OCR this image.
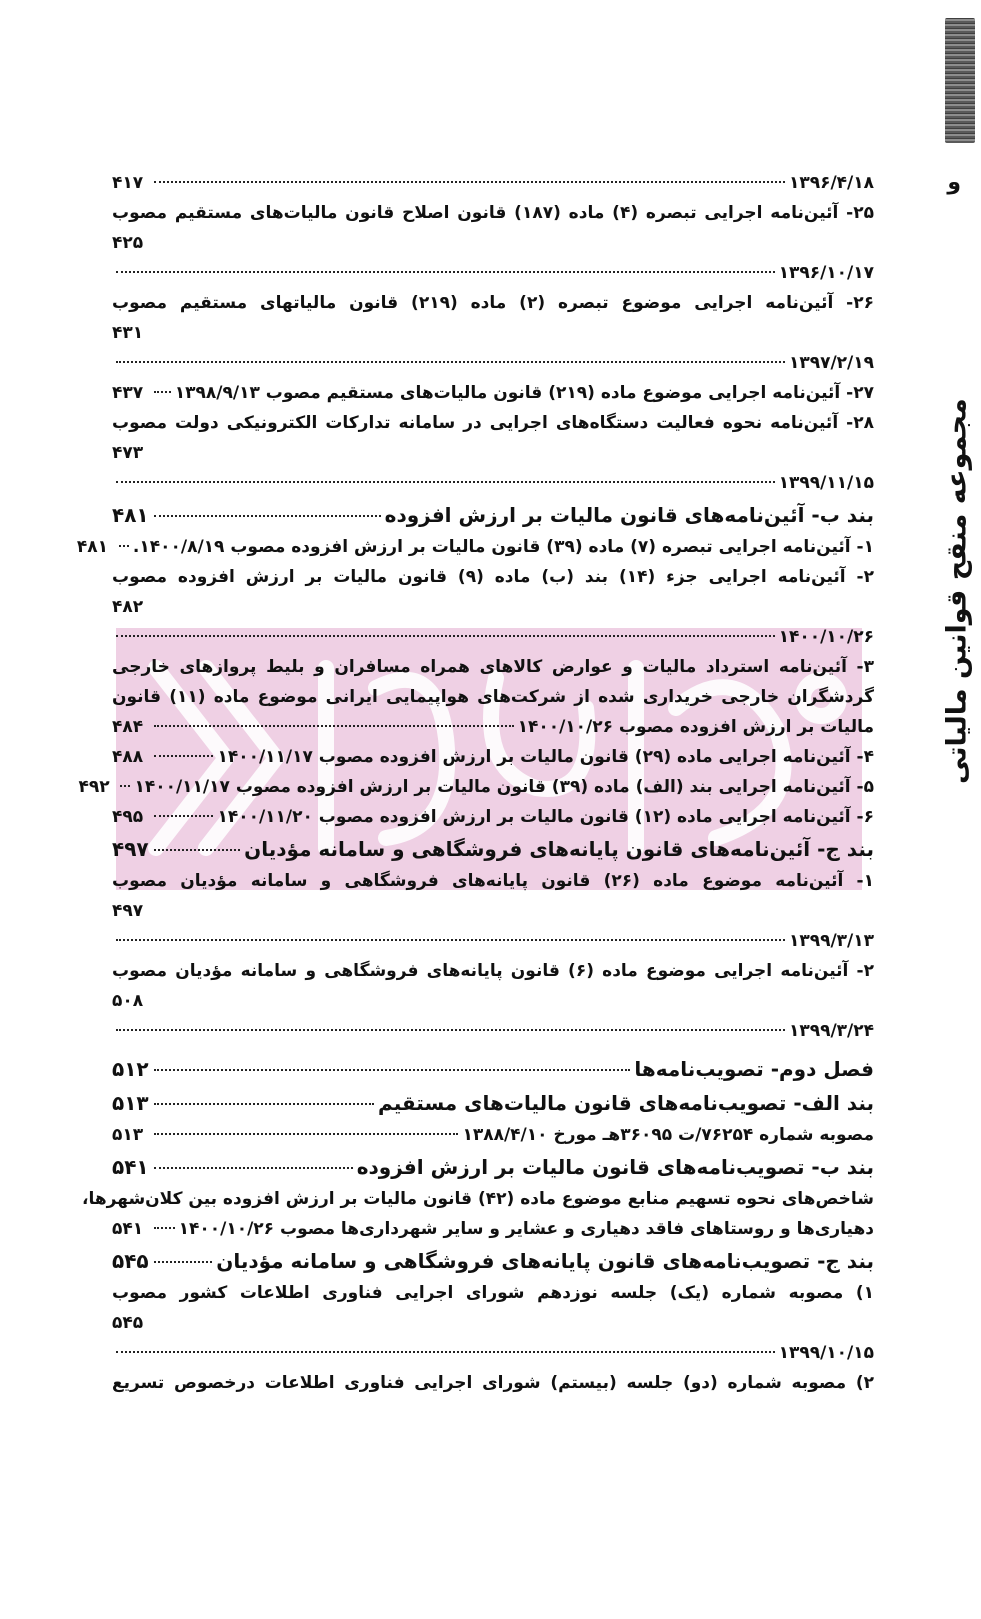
و
مجموعه منقح قوانین مالیاتی
۱۳۹۶/۴/۱۸
۴۱۷
۲۵- آئین‌نامه اجرایی تبصره (۴) ماده (۱۸۷) قانون اصلاح قانون مالیات‌های مستقیم مصوب
۴۲۵
۱۳۹۶/۱۰/۱۷
۲۶- آئین‌نامه اجرایی موضوع تبصره (۲) ماده (۲۱۹) قانون مالیاتهای مستقیم مصوب
۴۳۱
۱۳۹۷/۲/۱۹
۲۷- آئین‌نامه اجرایی موضوع ماده (۲۱۹) قانون مالیات‌های مستقیم مصوب ۱۳۹۸/۹/۱۳
۴۳۷
۲۸- آئین‌نامه نحوه فعالیت دستگاه‌های اجرایی در سامانه تدارکات الکترونیکی دولت مصوب
۴۷۳
۱۳۹۹/۱۱/۱۵
بند ب- آئین‌نامه‌های قانون مالیات بر ارزش افزوده
۴۸۱
۱- آئین‌نامه اجرایی تبصره (۷) ماده (۳۹) قانون مالیات بر ارزش افزوده مصوب ۱۴۰۰/۸/۱۹.
۴۸۱
۲- آئین‌نامه اجرایی جزء (۱۴) بند (ب) ماده (۹) قانون مالیات بر ارزش افزوده مصوب
۴۸۲
۱۴۰۰/۱۰/۲۶
۳- آئین‌نامه استرداد مالیات و عوارض کالاهای همراه مسافران و بلیط پروازهای خارجی
گردشگران خارجی خریداری شده از شرکت‌های هواپیمایی ایرانی موضوع ماده (۱۱) قانون
مالیات بر ارزش افزوده مصوب ۱۴۰۰/۱۰/۲۶
۴۸۴
۴- آئین‌نامه اجرایی ماده (۲۹) قانون مالیات بر ارزش افزوده مصوب ۱۴۰۰/۱۱/۱۷
۴۸۸
۵- آئین‌نامه اجرایی بند (الف) ماده (۳۹) قانون مالیات بر ارزش افزوده مصوب ۱۴۰۰/۱۱/۱۷
۴۹۲
۶- آئین‌نامه اجرایی ماده (۱۲) قانون مالیات بر ارزش افزوده مصوب ۱۴۰۰/۱۱/۲۰
۴۹۵
بند ج- آئین‌نامه‌های قانون پایانه‌های فروشگاهی و سامانه مؤدیان
۴۹۷
۱- آئین‌نامه موضوع ماده (۲۶) قانون پایانه‌های فروشگاهی و سامانه مؤدیان مصوب
۴۹۷
۱۳۹۹/۳/۱۳
۲- آئین‌نامه اجرایی موضوع ماده (۶) قانون پایانه‌های فروشگاهی و سامانه مؤدیان مصوب
۵۰۸
۱۳۹۹/۳/۲۴
فصل دوم- تصویب‌نامه‌ها
۵۱۲
بند الف- تصویب‌نامه‌های قانون مالیات‌های مستقیم
۵۱۳
مصوبه شماره ۷۶۲۵۴/ت ۳۶۰۹۵هـ مورخ ۱۳۸۸/۴/۱۰
۵۱۳
بند ب- تصویب‌نامه‌های قانون مالیات بر ارزش افزوده
۵۴۱
شاخص‌های نحوه تسهیم منابع موضوع ماده (۴۲) قانون مالیات بر ارزش افزوده بین کلان‌شهرها،
دهیاری‌ها و روستاهای فاقد دهیاری و عشایر و سایر شهرداری‌ها مصوب ۱۴۰۰/۱۰/۲۶
۵۴۱
بند ج- تصویب‌نامه‌های قانون پایانه‌های فروشگاهی و سامانه مؤدیان
۵۴۵
۱) مصوبه شماره (یک) جلسه نوزدهم شورای اجرایی فناوری اطلاعات کشور مصوب
۵۴۵
۱۳۹۹/۱۰/۱۵
۲) مصوبه شماره (دو) جلسه (بیستم) شورای اجرایی فناوری اطلاعات درخصوص تسریع
